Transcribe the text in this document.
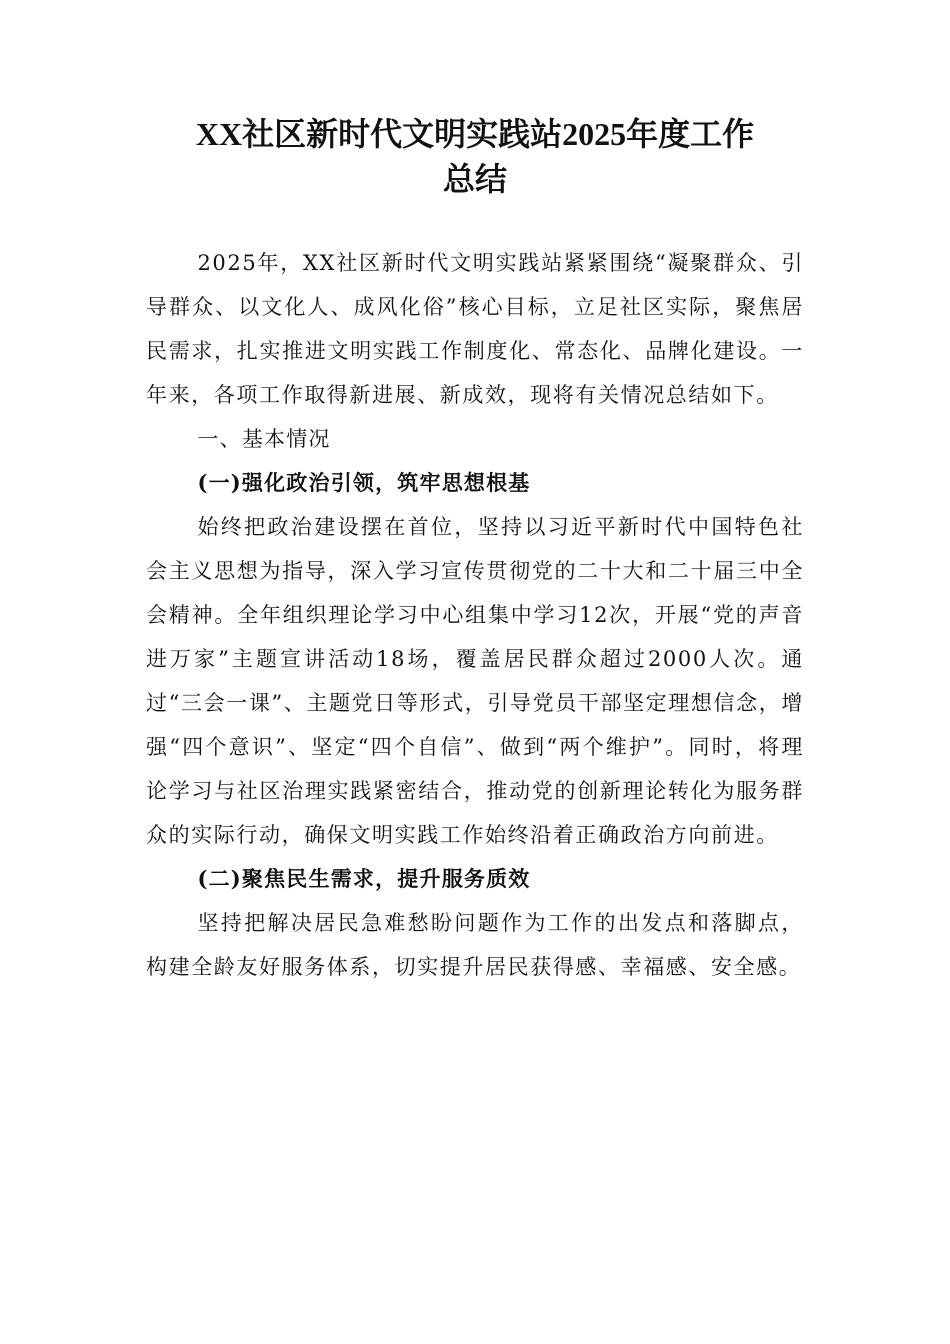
XX社区新时代文明实践站2025年度工作
总结

2025年，XX社区新时代文明实践站紧紧围绕“凝聚群众、引导群众、以文化人、成风化俗”核心目标，立足社区实际，聚焦居民需求，扎实推进文明实践工作制度化、常态化、品牌化建设。一年来，各项工作取得新进展、新成效，现将有关情况总结如下。

一、基本情况

(一)强化政治引领，筑牢思想根基

始终把政治建设摆在首位，坚持以习近平新时代中国特色社会主义思想为指导，深入学习宣传贯彻党的二十大和二十届三中全会精神。全年组织理论学习中心组集中学习12次，开展“党的声音进万家”主题宣讲活动18场，覆盖居民群众超过2000人次。通过“三会一课”、主题党日等形式，引导党员干部坚定理想信念，增强“四个意识”、坚定“四个自信”、做到“两个维护”。同时，将理论学习与社区治理实践紧密结合，推动党的创新理论转化为服务群众的实际行动，确保文明实践工作始终沿着正确政治方向前进。

(二)聚焦民生需求，提升服务质效

坚持把解决居民急难愁盼问题作为工作的出发点和落脚点，构建全龄友好服务体系，切实提升居民获得感、幸福感、安全感。
